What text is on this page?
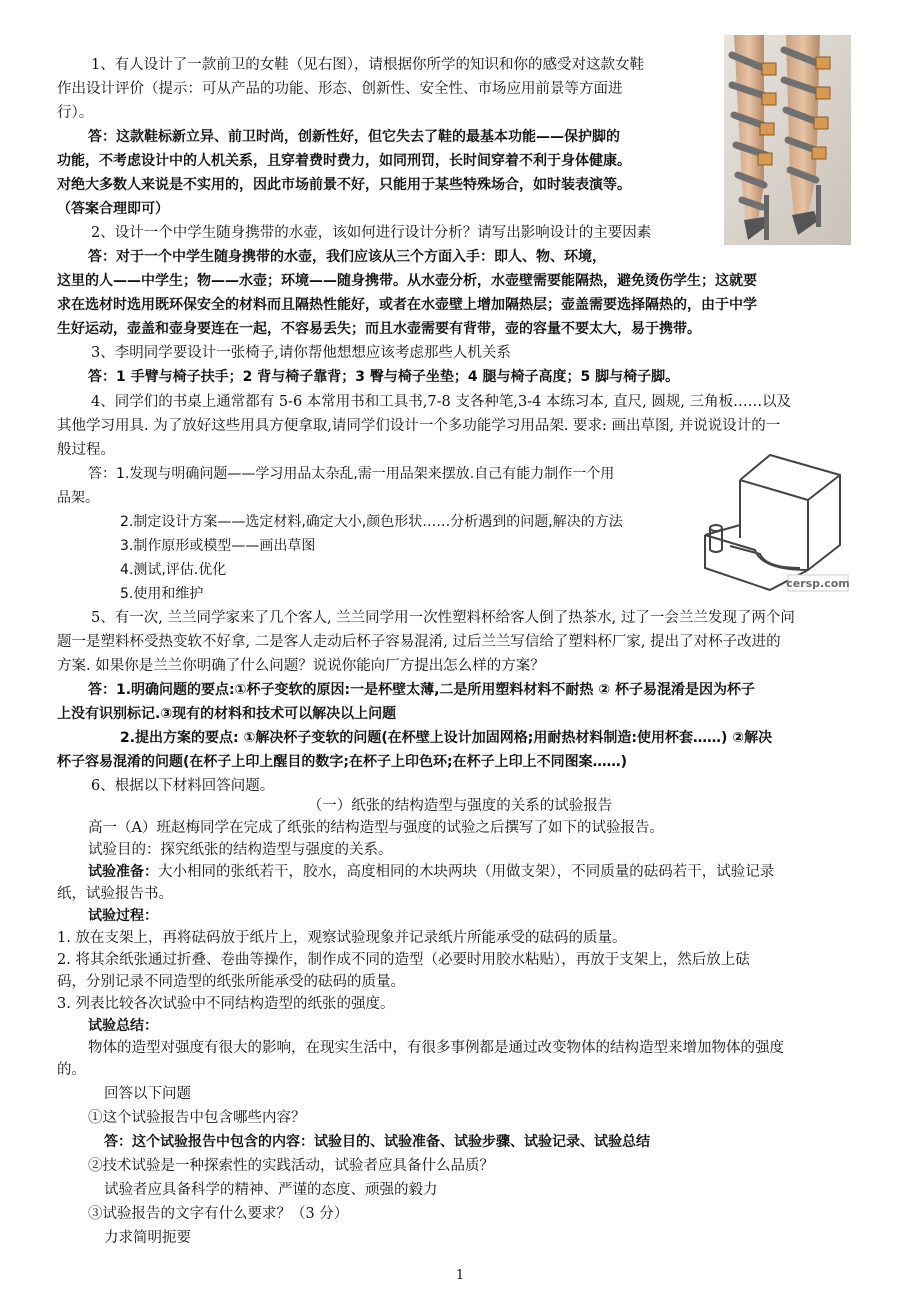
1、有人设计了一款前卫的女鞋（见右图），请根据你所学的知识和你的感受对这款女鞋
作出设计评价（提示：可从产品的功能、形态、创新性、安全性、市场应用前景等方面进
行）。
答：这款鞋标新立异、前卫时尚，创新性好，但它失去了鞋的最基本功能——保护脚的
功能，不考虑设计中的人机关系，且穿着费时费力，如同刑罚，长时间穿着不利于身体健康。
对绝大多数人来说是不实用的，因此市场前景不好，只能用于某些特殊场合，如时装表演等。
（答案合理即可）
2、设计一个中学生随身携带的水壶，该如何进行设计分析？请写出影响设计的主要因素
答：对于一个中学生随身携带的水壶，我们应该从三个方面入手：即人、物、环境，
这里的人——中学生；物——水壶；环境——随身携带。从水壶分析，水壶壁需要能隔热，避免烫伤学生；这就要
求在选材时选用既环保安全的材料而且隔热性能好，或者在水壶壁上增加隔热层；壶盖需要选择隔热的，由于中学
生好运动，壶盖和壶身要连在一起，不容易丢失；而且水壶需要有背带，壶的容量不要太大，易于携带。
3、李明同学要设计一张椅子,请你帮他想想应该考虑那些人机关系
答：1 手臂与椅子扶手；2 背与椅子靠背；3 臀与椅子坐垫；4 腿与椅子高度；5 脚与椅子脚。
4、同学们的书桌上通常都有 5-6 本常用书和工具书,7-8 支各种笔,3-4 本练习本, 直尺, 圆规, 三角板……以及
其他学习用具. 为了放好这些用具方便拿取,请同学们设计一个多功能学习用品架. 要求: 画出草图, 并说说设计的一
般过程。
答：1.发现与明确问题——学习用品太杂乱,需一用品架来摆放.自己有能力制作一个用
品架。
2.制定设计方案——选定材料,确定大小,颜色形状……分析遇到的问题,解决的方法
3.制作原形或模型——画出草图
4.测试,评估.优化
5.使用和维护
cersp.com
5、有一次, 兰兰同学家来了几个客人, 兰兰同学用一次性塑料杯给客人倒了热茶水, 过了一会兰兰发现了两个问
题一是塑料杯受热变软不好拿, 二是客人走动后杯子容易混淆, 过后兰兰写信给了塑料杯厂家, 提出了对杯子改进的
方案. 如果你是兰兰你明确了什么问题？说说你能向厂方提出怎么样的方案？
答：1.明确问题的要点:①杯子变软的原因:一是杯壁太薄,二是所用塑料材料不耐热 ② 杯子易混淆是因为杯子
上没有识别标记.③现有的材料和技术可以解决以上问题
2.提出方案的要点: ①解决杯子变软的问题(在杯壁上设计加固网格;用耐热材料制造:使用杯套……) ②解决
杯子容易混淆的问题(在杯子上印上醒目的数字;在杯子上印色环;在杯子上印上不同图案……)
6、根据以下材料回答问题。
（一）纸张的结构造型与强度的关系的试验报告
高一（A）班赵梅同学在完成了纸张的结构造型与强度的试验之后撰写了如下的试验报告。
试验目的：探究纸张的结构造型与强度的关系。
试验准备：大小相同的张纸若干，胶水，高度相同的木块两块（用做支架），不同质量的砝码若干，试验记录
纸，试验报告书。
试验过程：
1. 放在支架上，再将砝码放于纸片上，观察试验现象并记录纸片所能承受的砝码的质量。
2. 将其余纸张通过折叠、卷曲等操作，制作成不同的造型（必要时用胶水粘贴），再放于支架上，然后放上砝
码，分别记录不同造型的纸张所能承受的砝码的质量。
3. 列表比较各次试验中不同结构造型的纸张的强度。
试验总结：
物体的造型对强度有很大的影响，在现实生活中，有很多事例都是通过改变物体的结构造型来增加物体的强度
的。
回答以下问题
①这个试验报告中包含哪些内容？
答：这个试验报告中包含的内容：试验目的、试验准备、试验步骤、试验记录、试验总结
②技术试验是一种探索性的实践活动，试验者应具备什么品质？
试验者应具备科学的精神、严谨的态度、顽强的毅力
③试验报告的文字有什么要求？（3 分）
力求简明扼要
1
